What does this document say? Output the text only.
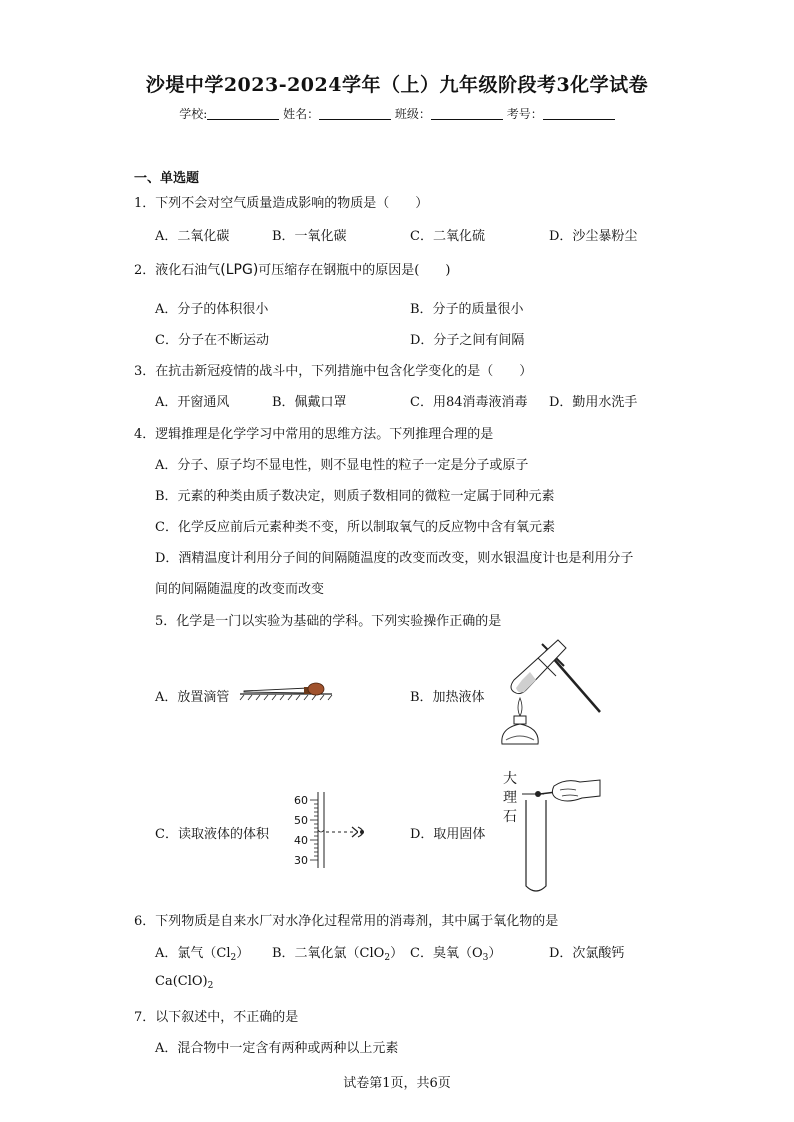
沙堤中学2023-2024学年（上）九年级阶段考3化学试卷
学校:	姓名：	班级：	考号：
一、单选题
1．下列不会对空气质量造成影响的物质是（　　）
A．二氧化碳	B．一氧化碳	C．二氧化硫	D．沙尘暴粉尘
2．液化石油气(LPG)可压缩存在钢瓶中的原因是(　　)
A．分子的体积很小	B．分子的质量很小
C．分子在不断运动	D．分子之间有间隔
3．在抗击新冠疫情的战斗中，下列措施中包含化学变化的是（　　）
A．开窗通风	B．佩戴口罩	C．用84消毒液消毒 D．勤用水洗手
4．逻辑推理是化学学习中常用的思维方法。下列推理合理的是
A．分子、原子均不显电性，则不显电性的粒子一定是分子或原子
B．元素的种类由质子数决定，则质子数相同的微粒一定属于同种元素
C．化学反应前后元素种类不变，所以制取氧气的反应物中含有氧元素
D．酒精温度计利用分子间的间隔随温度的改变而改变，则水银温度计也是利用分子
间的间隔随温度的改变而改变
5．化学是一门以实验为基础的学科。下列实验操作正确的是
A．放置滴管	B．加热液体
C．读取液体的体积	D．取用固体
60
50
40
30
大
理
石
6．下列物质是自来水厂对水净化过程常用的消毒剂，其中属于氧化物的是
A．氯气$(Cl_2)$ B．二氧化氯（ClO$_2$） C．臭氧$(O_3)$	D．次氯酸钙
$Ca(ClO)_2$
7．以下叙述中，不正确的是
A．混合物中一定含有两种或两种以上元素
试卷第1页，共6页
